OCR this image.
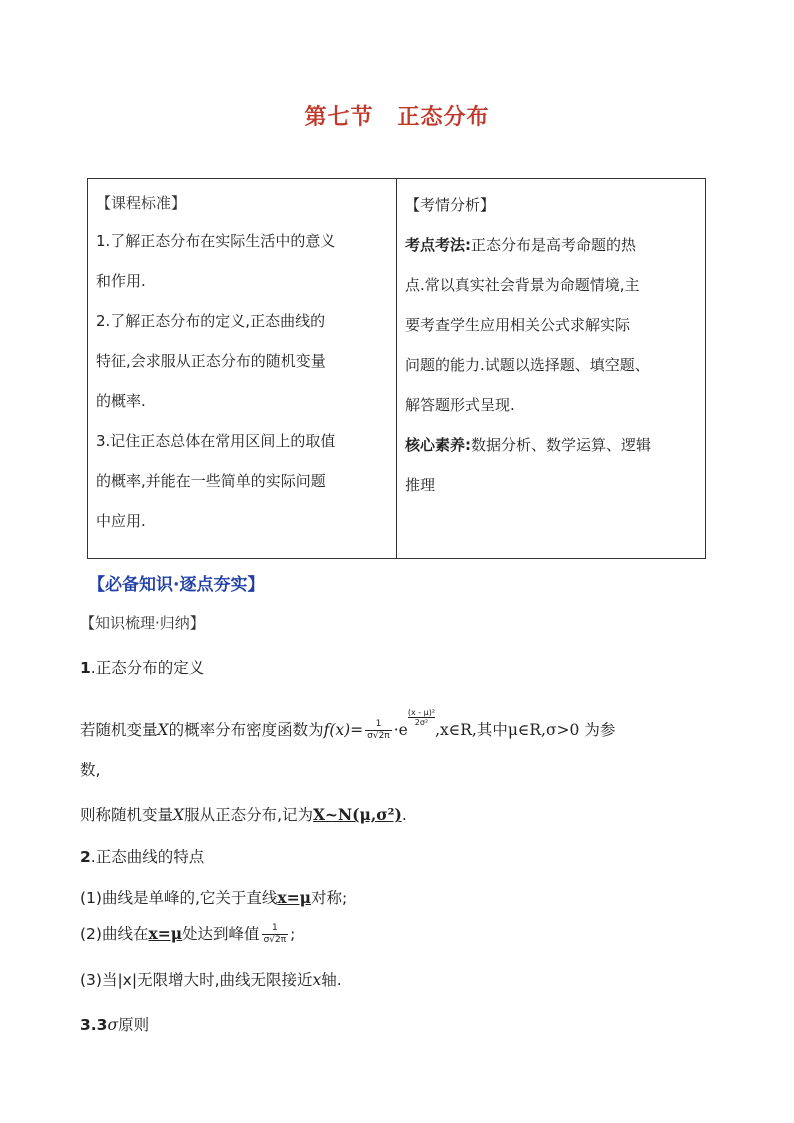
第七节 正态分布

【课程标准】

1.了解正态分布在实际生活中的意义

和作用.

2.了解正态分布的定义,正态曲线的

特征,会求服从正态分布的随机变量

的概率.

3.记住正态总体在常用区间上的取值

的概率,并能在一些简单的实际问题

中应用.

【考情分析】

考点考法:正态分布是高考命题的热

点.常以真实社会背景为命题情境,主

要考查学生应用相关公式求解实际

问题的能力.试题以选择题、填空题、

解答题形式呈现.

核心素养:数据分析、数学运算、逻辑

推理

【必备知识·逐点夯实】
【知识梳理·归纳】
1.正态分布的定义
若随机变量X的概率分布密度函数为$f(x)= \frac{1}{\sigma√2\pi} \cdot e$
$\frac{\text{(x - μ)²}}{\text{2σ²}},x\in R$,其中μ∈R,σ>0 为参
数,
则称随机变量X服从正态分布,记为X~N(μ,σ²).
2.正态曲线的特点
(1)曲线是单峰的,它关于直线x=μ对称;
(2)曲线在x=μ处达到峰值 $\frac{1}{\sigma√2\pi}$ ;
(3)当|x|无限增大时,曲线无限接近x轴.
3.3σ原则
